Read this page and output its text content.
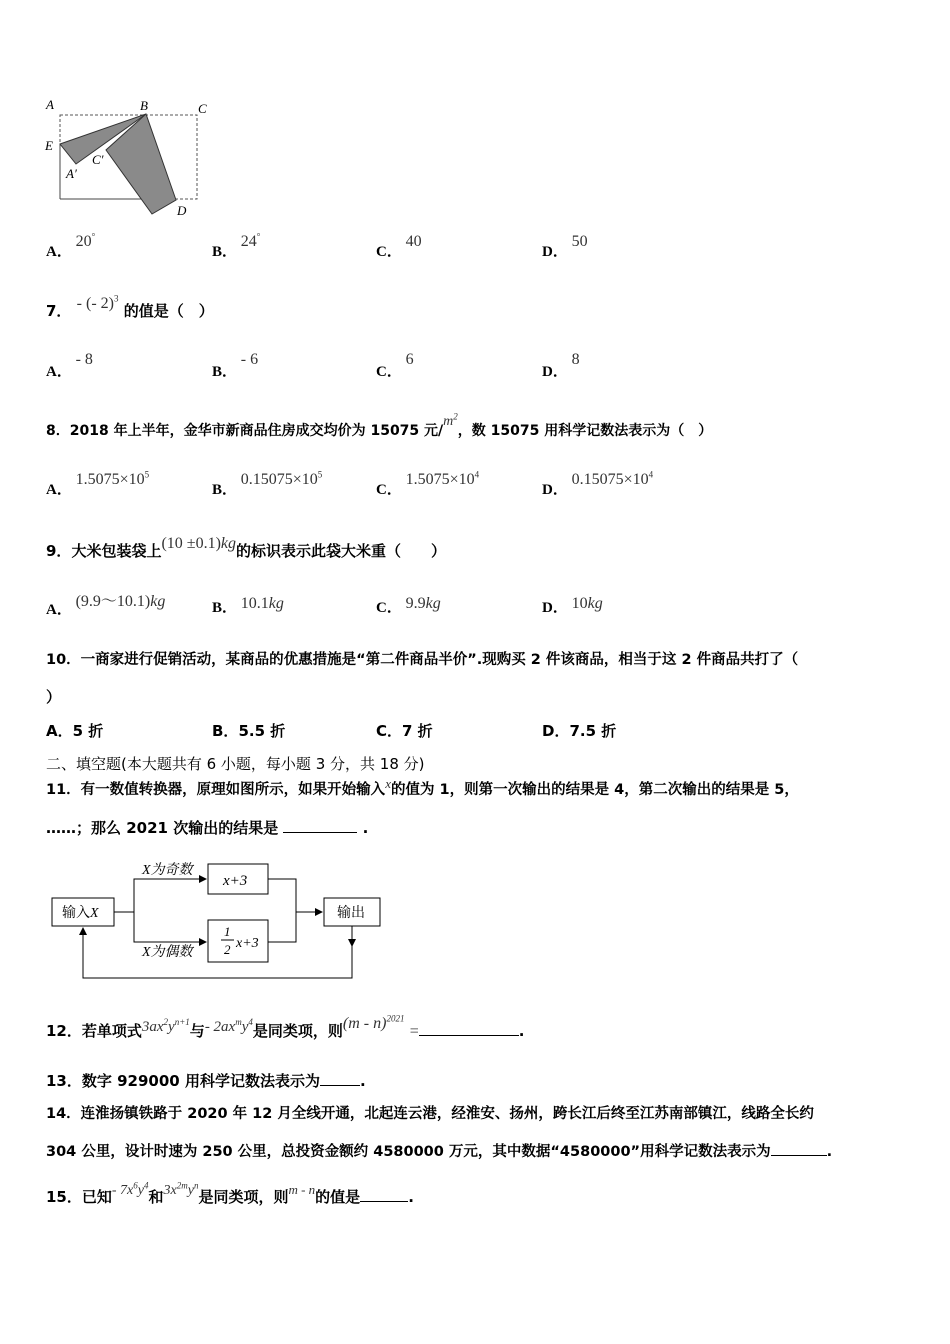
A	B	C
E
C′
A′
D
A． 20°
B． 24°
C． 40
D． 50
7． - (- 2)$^3$ 的值是（　）
A． - 8
B． - 6
C． 6
D． 8
8．2018 年上半年，金华市新商品住房成交均价为 15075 元$/m^2$，数 15075 用科学记数法表示为（　）
A． $1.5075\times 10^5$
B． $0.15075\times 10^5$
C． $1.5075\times 10^4$
D． $0.15075\times 10^4$
9．大米包装袋上(10 ±0.1)kg的标识表示此袋大米重（　　）
A． (9.9～10.1)kg	B． 10.1kg	C． 9.9kg	D． 10kg
10．一商家进行促销活动，某商品的优惠措施是“第二件商品半价”.现购买 2 件该商品，相当于这 2 件商品共打了（
）
A．5 折	B．5.5 折	C．7 折	D．7.5 折
二、填空题(本大题共有 6 小题，每小题 3 分，共 18 分)
11．有一数值转换器，原理如图所示，如果开始输入x的值为 1，则第一次输出的结果是 4，第二次输出的结果是 5，
……；那么 2021 次输出的结果是	.
输入X
x+3
1
2 x+3
输出
X为奇数
X为偶数
12．若单项式$3ax^2y^{n+1}$与- $2ax^my^4$是同类项，则(m - n)$^{2021}$ =	.
13．数字 929000 用科学记数法表示为	.
14．连淮扬镇铁路于 2020 年 12 月全线开通，北起连云港，经淮安、扬州，跨长江后终至江苏南部镇江，线路全长约
304 公里，设计时速为 250 公里，总投资金额约 4580000 万元，其中数据“4580000”用科学记数法表示为	.
15．已知- $7x^6y^4$和$3x^{2m}y^n$是同类项，则m - n的值是	.
